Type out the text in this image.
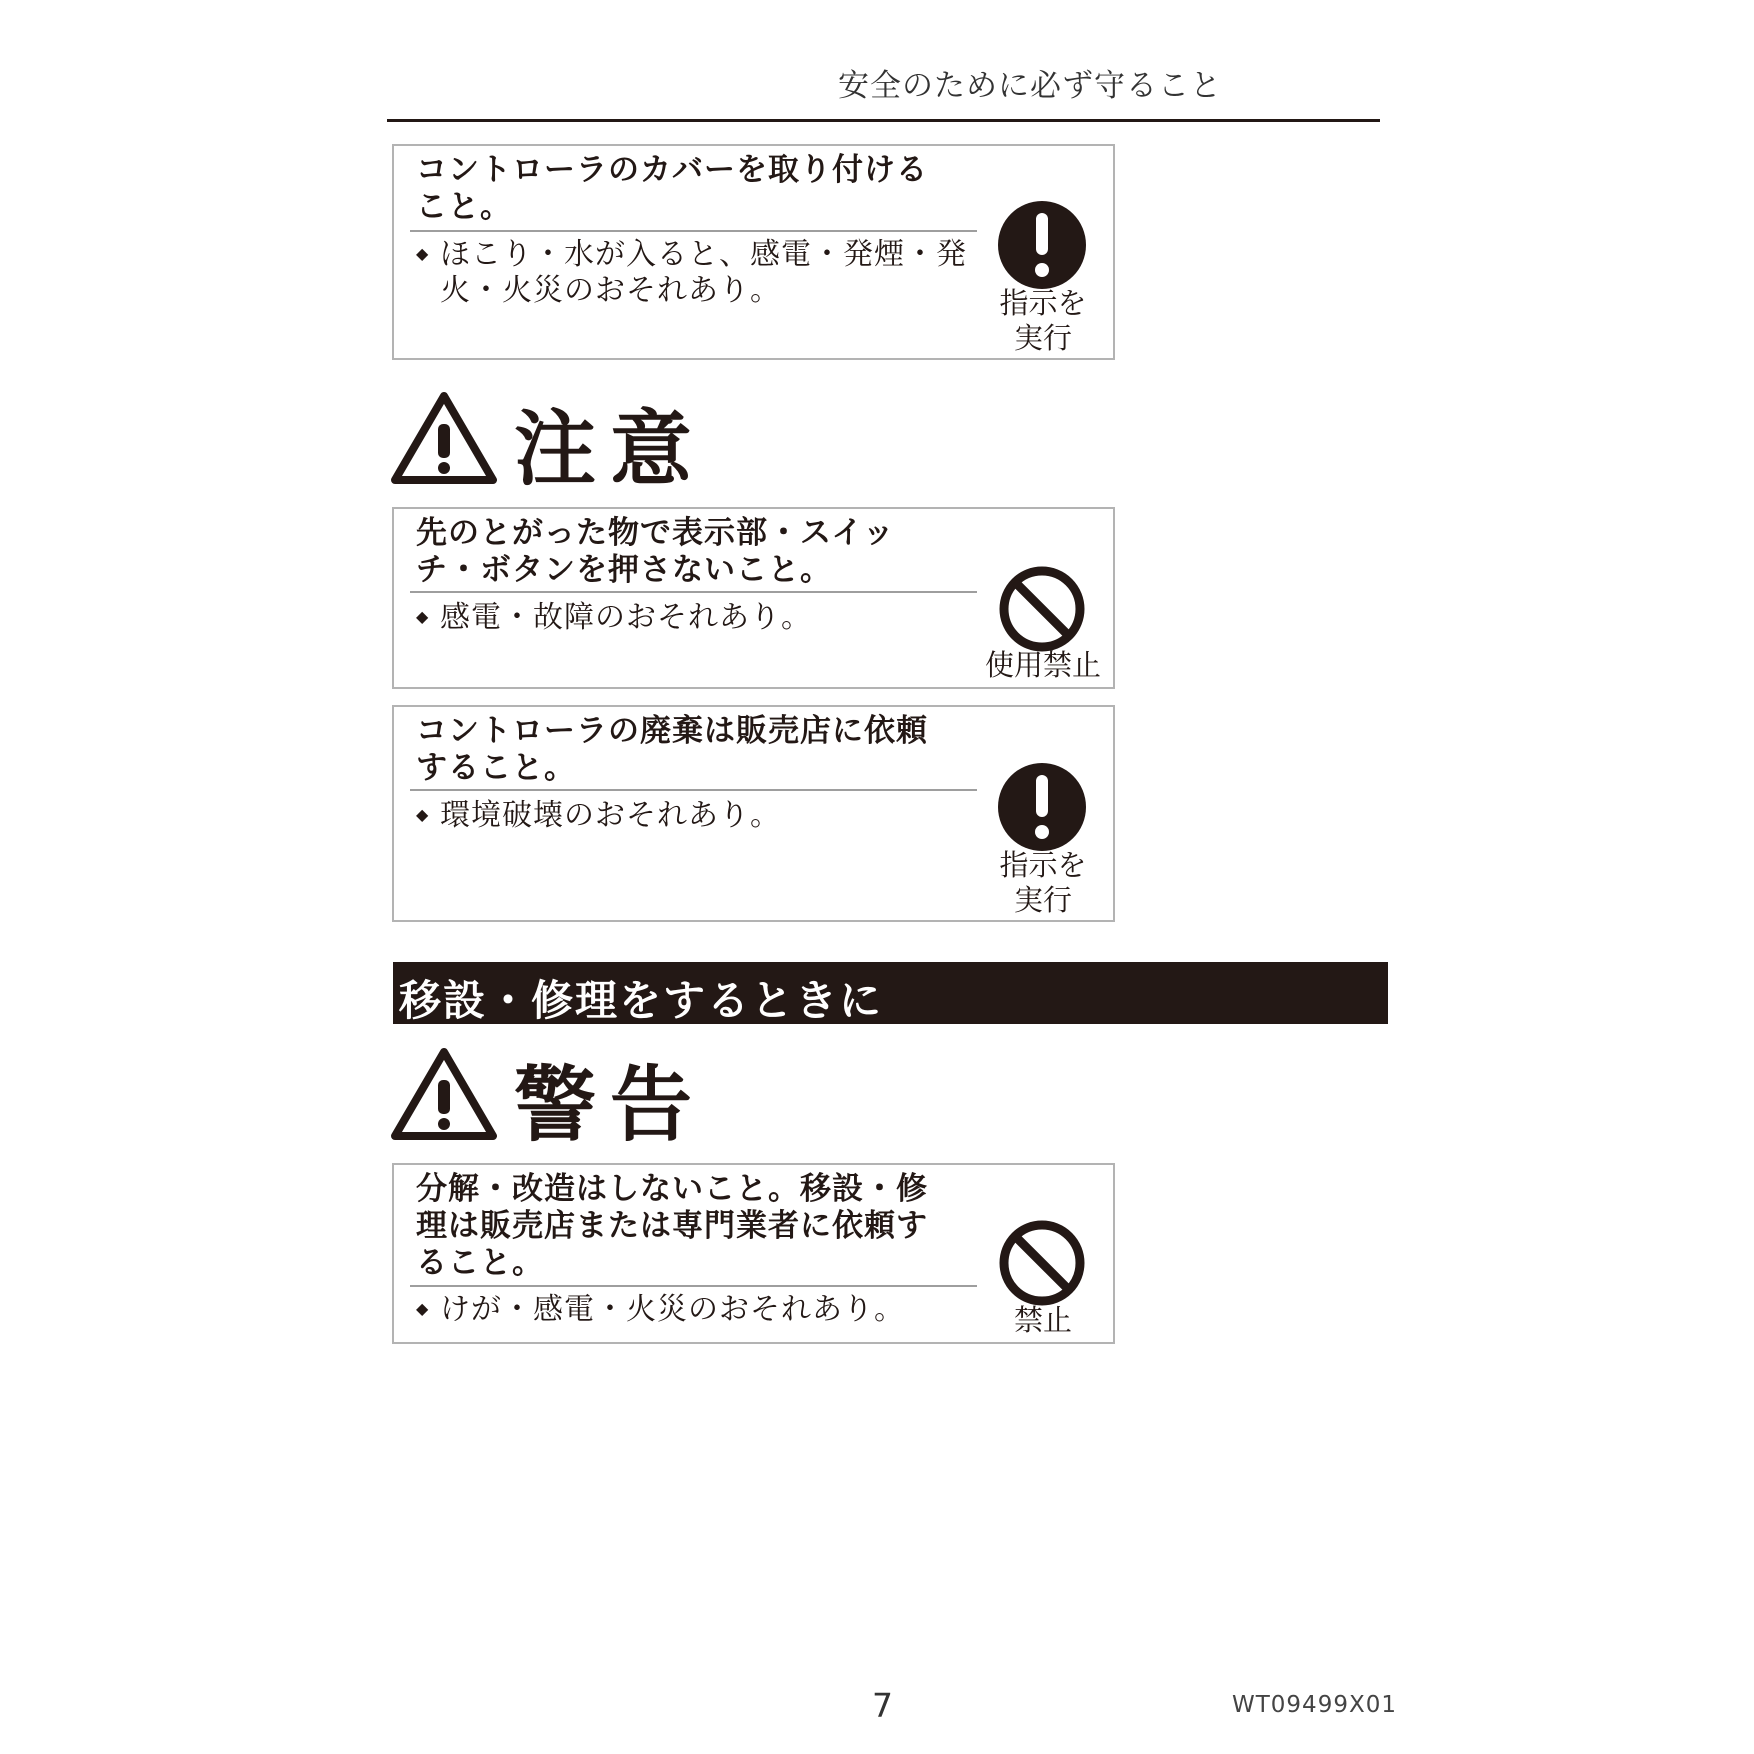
安全のために必ず守ること
コントローラのカバーを取り付けること。
◆ ほこり・水が入ると、感電・発煙・発火・火災のおそれあり。	指示を実行
注意
先のとがった物で表示部・スイッチ・ボタンを押さないこと。
◆ 感電・故障のおそれあり。
使用禁止
コントローラの廃棄は販売店に依頼すること。
◆ 環境破壊のおそれあり。
指示を実行
移設・修理をするときに
警告
分解・改造はしないこと。移設・修理は販売店または専門業者に依頼すること。
◆ けが・感電・火災のおそれあり。	禁止
7	WT09499X01
